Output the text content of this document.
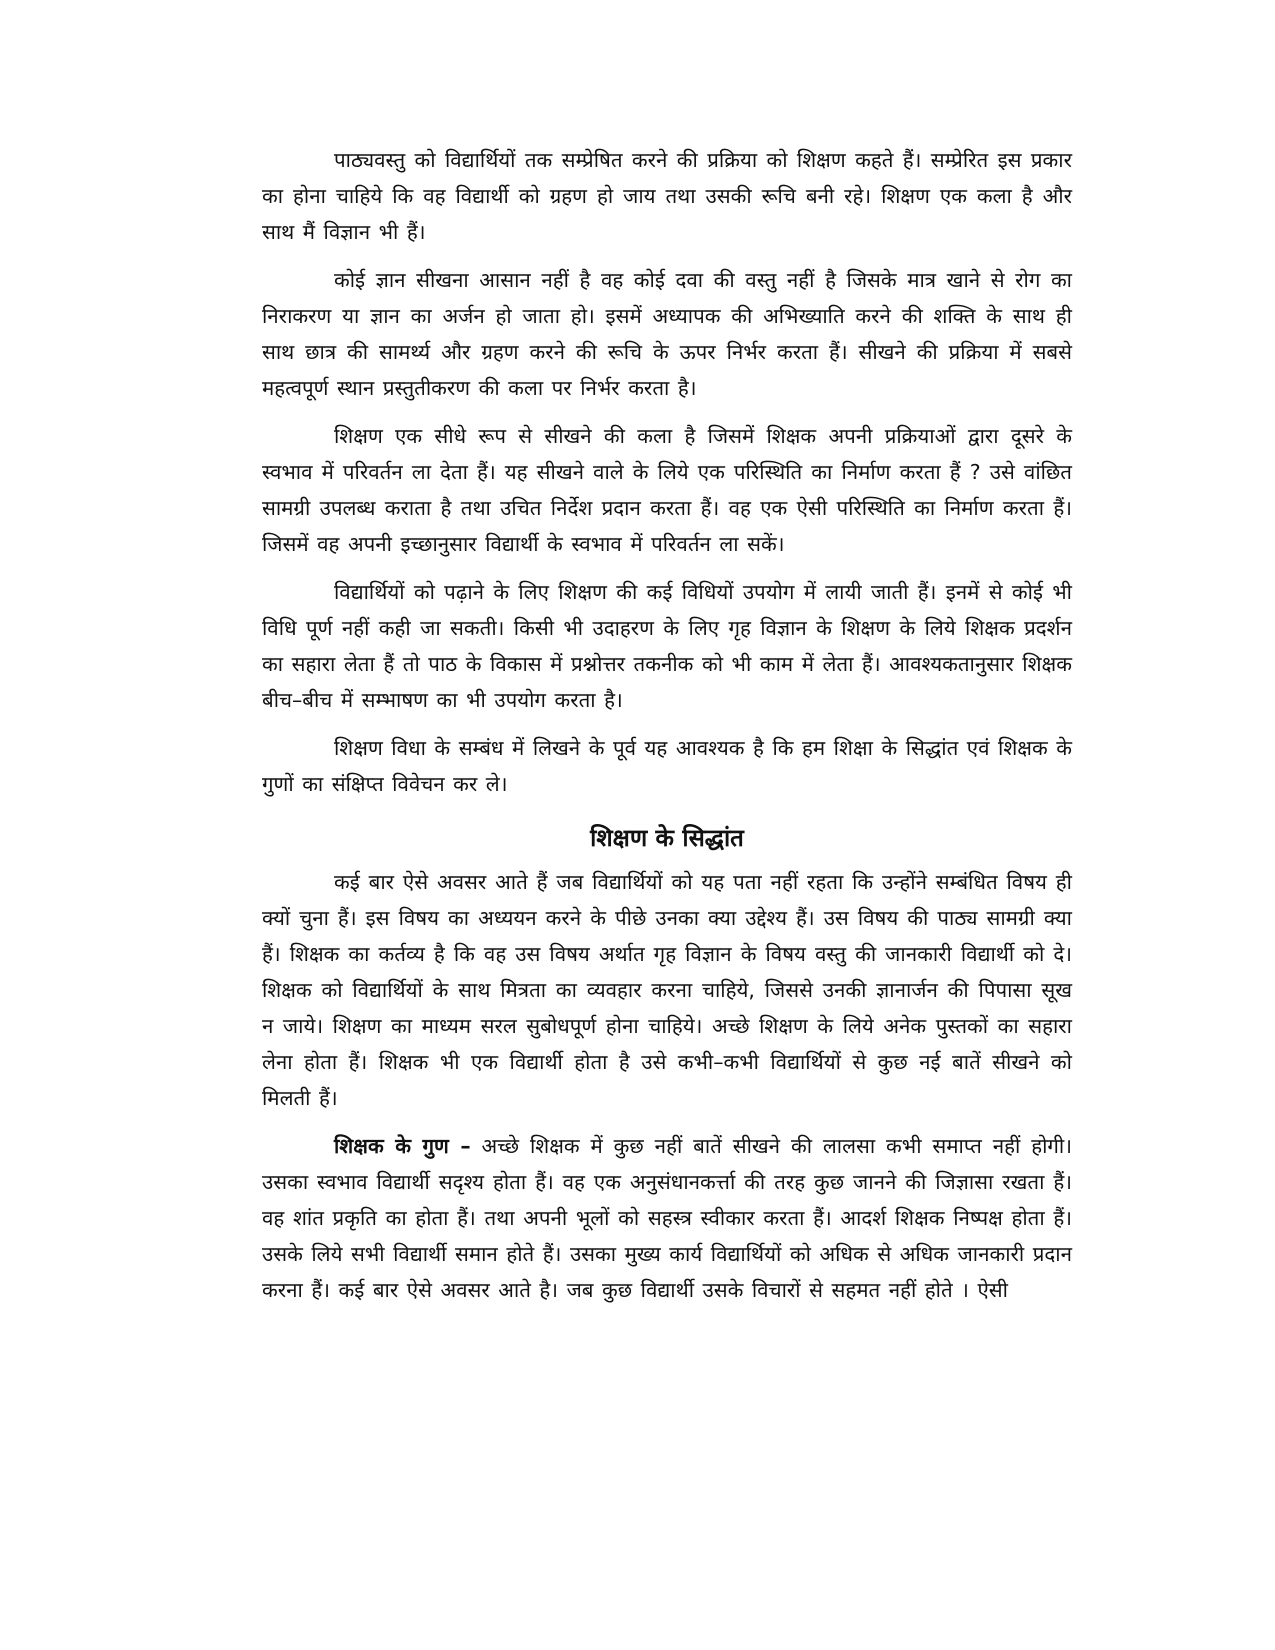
पाठ्यवस्तु को विद्यार्थियों तक सम्प्रेषित करने की प्रक्रिया को शिक्षण कहते हैं। सम्प्रेरित इस प्रकार का होना चाहिये कि वह विद्यार्थी को ग्रहण हो जाय तथा उसकी रूचि बनी रहे। शिक्षण एक कला है और साथ मैं विज्ञान भी हैं।

कोई ज्ञान सीखना आसान नहीं है वह कोई दवा की वस्तु नहीं है जिसके मात्र खाने से रोग का निराकरण या ज्ञान का अर्जन हो जाता हो। इसमें अध्यापक की अभिख्याति करने की शक्ति के साथ ही साथ छात्र की सामर्थ्य और ग्रहण करने की रूचि के ऊपर निर्भर करता हैं। सीखने की प्रक्रिया में सबसे महत्वपूर्ण स्थान प्रस्तुतीकरण की कला पर निर्भर करता है।

शिक्षण एक सीधे रूप से सीखने की कला है जिसमें शिक्षक अपनी प्रक्रियाओं द्वारा दूसरे के स्वभाव में परिवर्तन ला देता हैं। यह सीखने वाले के लिये एक परिस्थिति का निर्माण करता हैं ? उसे वांछित सामग्री उपलब्ध कराता है तथा उचित निर्देश प्रदान करता हैं। वह एक ऐसी परिस्थिति का निर्माण करता हैं। जिसमें वह अपनी इच्छानुसार विद्यार्थी के स्वभाव में परिवर्तन ला सकें।

विद्यार्थियों को पढ़ाने के लिए शिक्षण की कई विधियों उपयोग में लायी जाती हैं। इनमें से कोई भी विधि पूर्ण नहीं कही जा सकती। किसी भी उदाहरण के लिए गृह विज्ञान के शिक्षण के लिये शिक्षक प्रदर्शन का सहारा लेता हैं तो पाठ के विकास में प्रश्नोत्तर तकनीक को भी काम में लेता हैं। आवश्यकतानुसार शिक्षक बीच–बीच में सम्भाषण का भी उपयोग करता है।

शिक्षण विधा के सम्बंध में लिखने के पूर्व यह आवश्यक है कि हम शिक्षा के सिद्धांत एवं शिक्षक के गुणों का संक्षिप्त विवेचन कर ले।

शिक्षण के सिद्धांत

कई बार ऐसे अवसर आते हैं जब विद्यार्थियों को यह पता नहीं रहता कि उन्होंने सम्बंधित विषय ही क्यों चुना हैं। इस विषय का अध्ययन करने के पीछे उनका क्या उद्देश्य हैं। उस विषय की पाठ्य सामग्री क्या हैं। शिक्षक का कर्तव्य है कि वह उस विषय अर्थात गृह विज्ञान के विषय वस्तु की जानकारी विद्यार्थी को दे। शिक्षक को विद्यार्थियों के साथ मित्रता का व्यवहार करना चाहिये, जिससे उनकी ज्ञानार्जन की पिपासा सूख न जाये। शिक्षण का माध्यम सरल सुबोधपूर्ण होना चाहिये। अच्छे शिक्षण के लिये अनेक पुस्तकों का सहारा लेना होता हैं। शिक्षक भी एक विद्यार्थी होता है उसे कभी–कभी विद्यार्थियों से कुछ नई बातें सीखने को मिलती हैं।

शिक्षक के गुण – अच्छे शिक्षक में कुछ नहीं बातें सीखने की लालसा कभी समाप्त नहीं होगी। उसका स्वभाव विद्यार्थी सदृश्य होता हैं। वह एक अनुसंधानकर्त्ता की तरह कुछ जानने की जिज्ञासा रखता हैं। वह शांत प्रकृति का होता हैं। तथा अपनी भूलों को सहस्त्र स्वीकार करता हैं। आदर्श शिक्षक निष्पक्ष होता हैं। उसके लिये सभी विद्यार्थी समान होते हैं। उसका मुख्य कार्य विद्यार्थियों को अधिक से अधिक जानकारी प्रदान करना हैं। कई बार ऐसे अवसर आते है। जब कुछ विद्यार्थी उसके विचारों से सहमत नहीं होते । ऐसी
